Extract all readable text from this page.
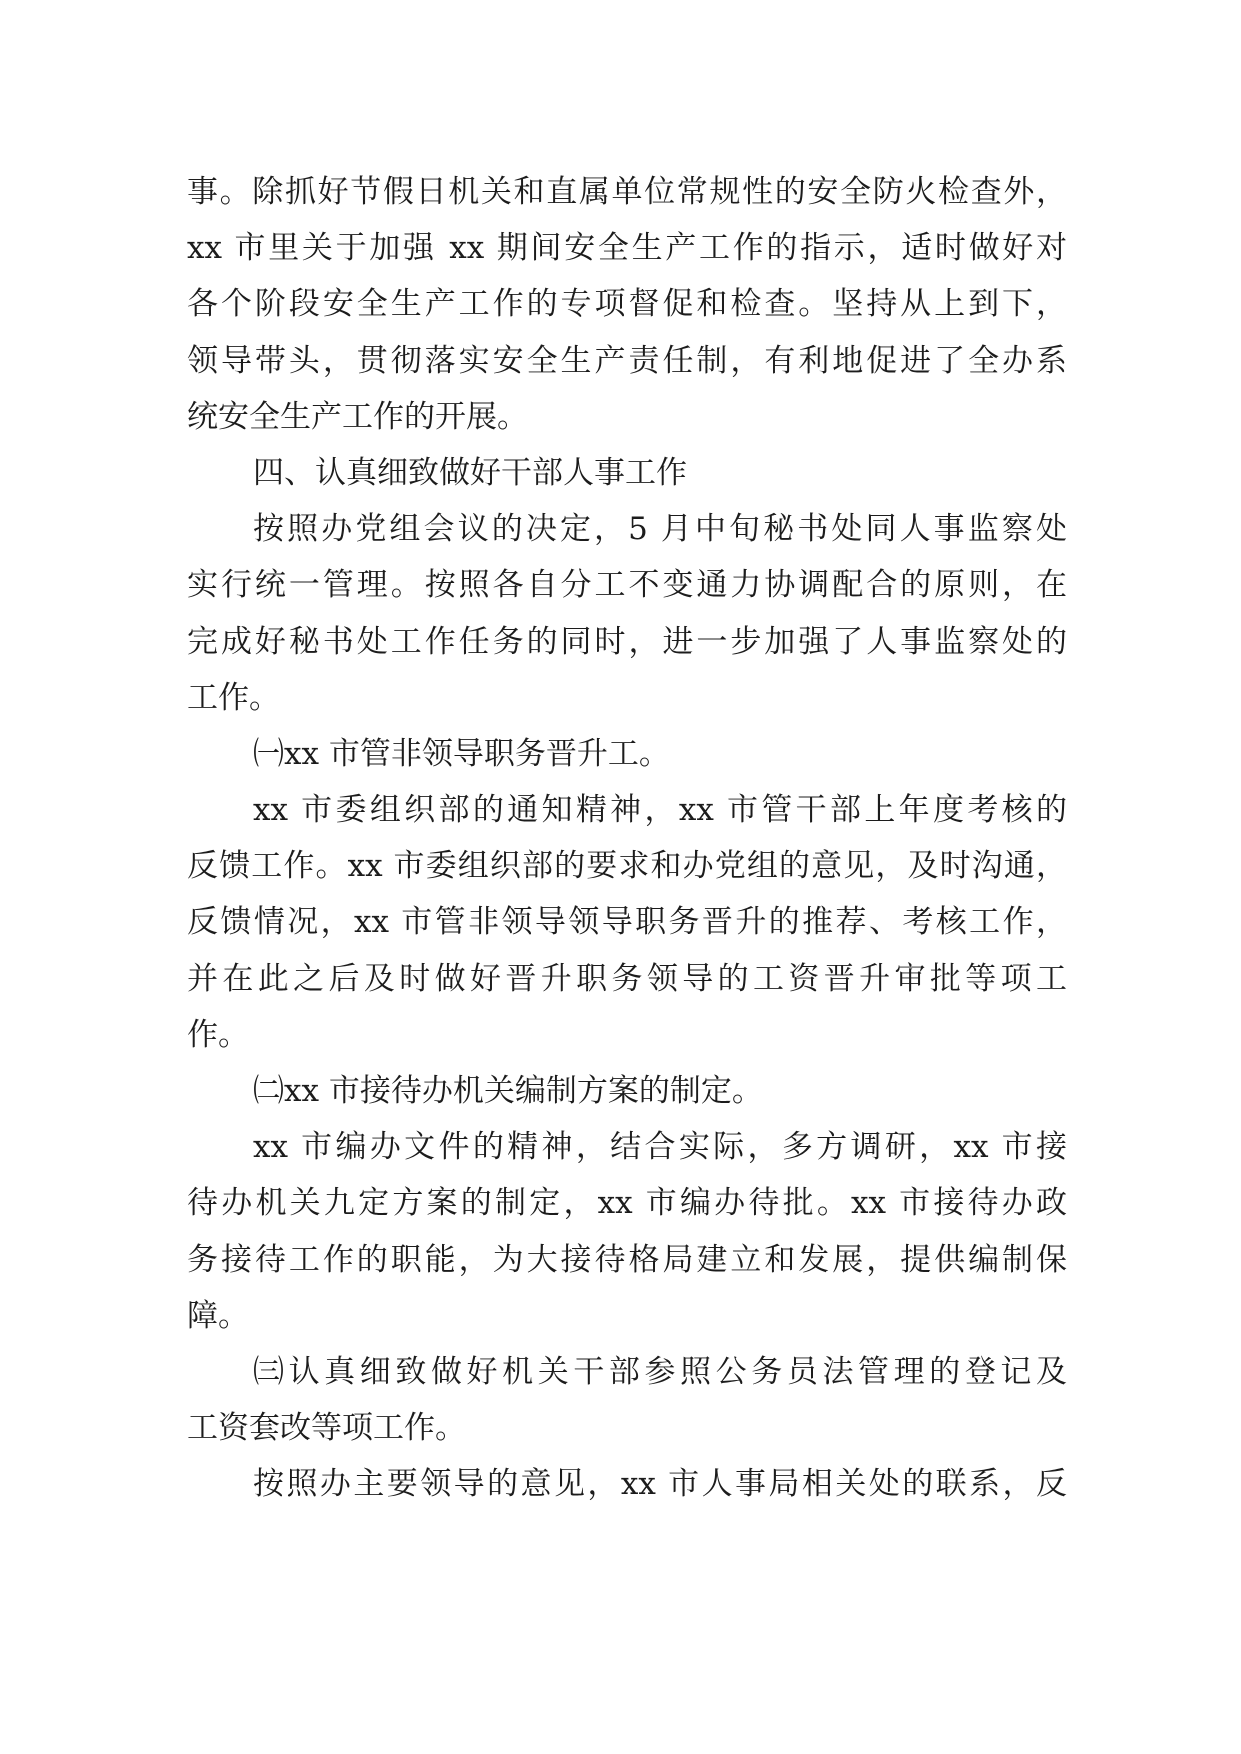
事。除抓好节假日机关和直属单位常规性的安全防火检查外，
xx 市里关于加强 xx 期间安全生产工作的指示，适时做好对
各个阶段安全生产工作的专项督促和检查。坚持从上到下，
领导带头，贯彻落实安全生产责任制，有利地促进了全办系
统安全生产工作的开展。
四、认真细致做好干部人事工作
按照办党组会议的决定，5 月中旬秘书处同人事监察处
实行统一管理。按照各自分工不变通力协调配合的原则，在
完成好秘书处工作任务的同时，进一步加强了人事监察处的
工作。
㈠xx 市管非领导职务晋升工。
xx 市委组织部的通知精神，xx 市管干部上年度考核的
反馈工作。xx 市委组织部的要求和办党组的意见，及时沟通，
反馈情况，xx 市管非领导领导职务晋升的推荐、考核工作，
并在此之后及时做好晋升职务领导的工资晋升审批等项工
作。
㈡xx 市接待办机关编制方案的制定。
xx 市编办文件的精神，结合实际，多方调研，xx 市接
待办机关九定方案的制定，xx 市编办待批。xx 市接待办政
务接待工作的职能，为大接待格局建立和发展，提供编制保
障。
㈢认真细致做好机关干部参照公务员法管理的登记及
工资套改等项工作。
按照办主要领导的意见，xx 市人事局相关处的联系，反
